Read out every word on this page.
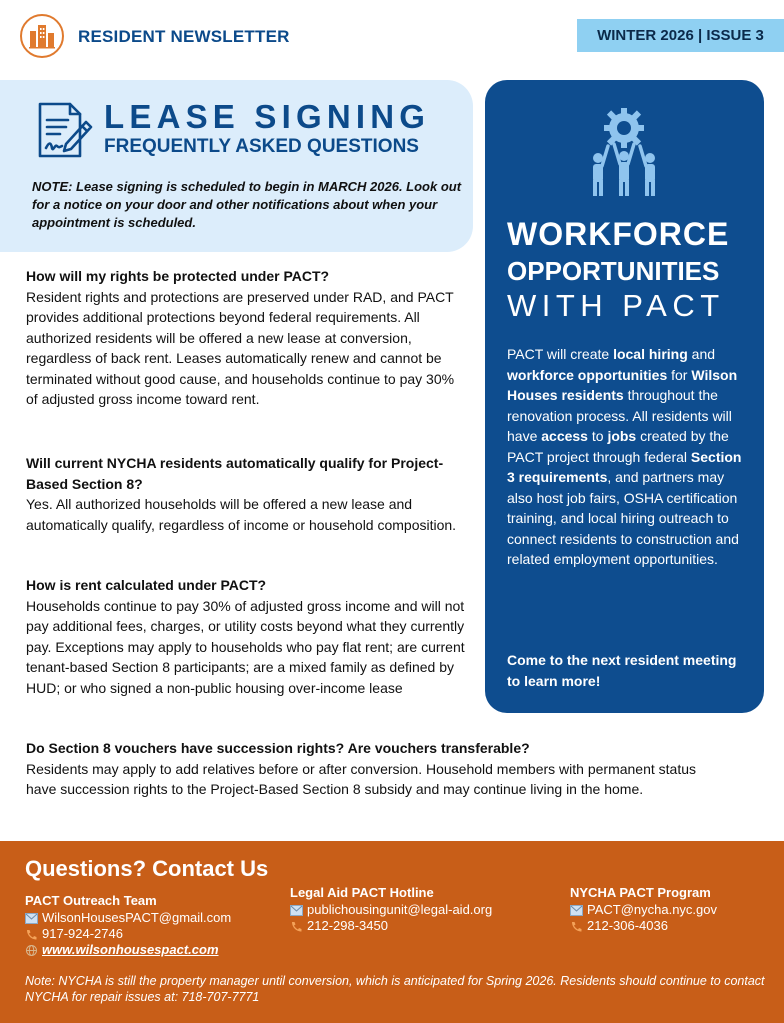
RESIDENT NEWSLETTER	WINTER 2026 | ISSUE 3
LEASE SIGNING
FREQUENTLY ASKED QUESTIONS
NOTE: Lease signing is scheduled to begin in MARCH 2026. Look out for a notice on your door and other notifications about when your appointment is scheduled.
How will my rights be protected under PACT?
Resident rights and protections are preserved under RAD, and PACT provides additional protections beyond federal requirements. All authorized residents will be offered a new lease at conversion, regardless of back rent. Leases automatically renew and cannot be terminated without good cause, and households continue to pay 30% of adjusted gross income toward rent.
Will current NYCHA residents automatically qualify for Project-Based Section 8?
Yes. All authorized households will be offered a new lease and automatically qualify, regardless of income or household composition.
How is rent calculated under PACT?
Households continue to pay 30% of adjusted gross income and will not pay additional fees, charges, or utility costs beyond what they currently pay. Exceptions may apply to households who pay flat rent; are current tenant-based Section 8 participants; are a mixed family as defined by HUD; or who signed a non-public housing over-income lease
Do Section 8 vouchers have succession rights? Are vouchers transferable?
Residents may apply to add relatives before or after conversion. Household members with permanent status have succession rights to the Project-Based Section 8 subsidy and may continue living in the home.
WORKFORCE
OPPORTUNITIES
WITH PACT
PACT will create local hiring and workforce opportunities for Wilson Houses residents throughout the renovation process. All residents will have access to jobs created by the PACT project through federal Section 3 requirements, and partners may also host job fairs, OSHA certification training, and local hiring outreach to connect residents to construction and related employment opportunities.
Come to the next resident meeting to learn more!
Questions? Contact Us
PACT Outreach Team
WilsonHousesPACT@gmail.com
917-924-2746
www.wilsonhousespact.com
Legal Aid PACT Hotline
publichousingunit@legal-aid.org
212-298-3450
NYCHA PACT Program
PACT@nycha.nyc.gov
212-306-4036
Note: NYCHA is still the property manager until conversion, which is anticipated for Spring 2026. Residents should continue to contact NYCHA for repair issues at: 718-707-7771
